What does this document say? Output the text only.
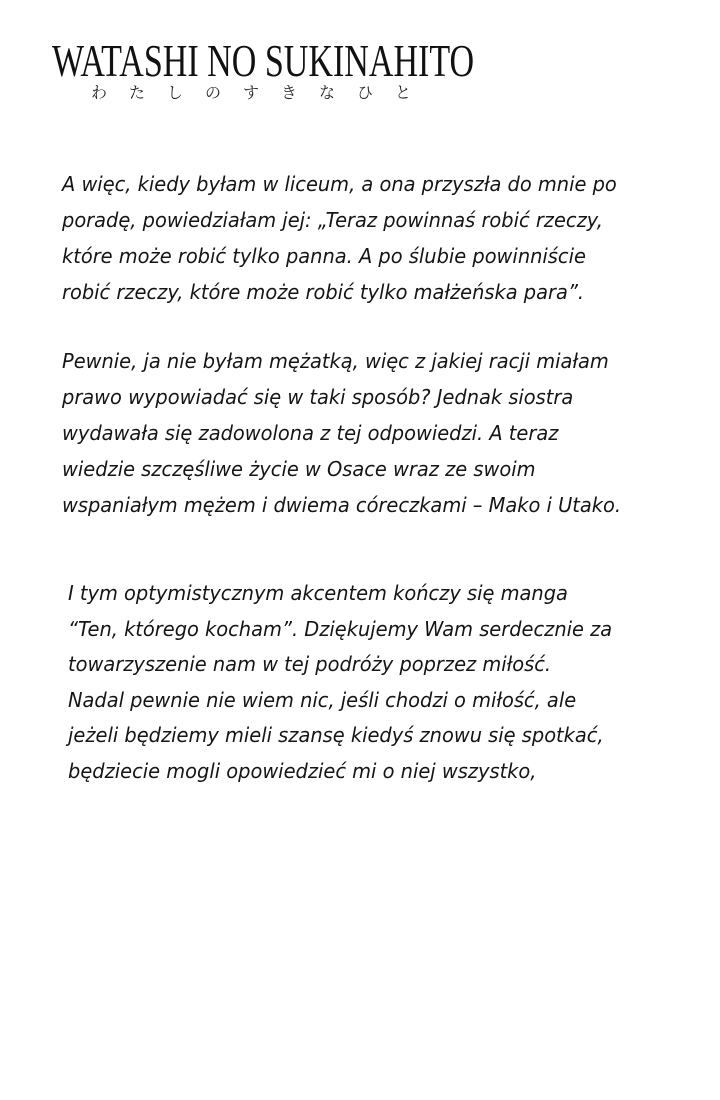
WATASHI NO SUKINAHITO
わ	た	し	の	す	き	な	ひ	と

A więc, kiedy byłam w liceum, a ona przyszła do mnie po
poradę, powiedziałam jej: „Teraz powinnaś robić rzeczy,
które może robić tylko panna. A po ślubie powinniście
robić rzeczy, które może robić tylko małżeńska para”.

Pewnie, ja nie byłam mężatką, więc z jakiej racji miałam
prawo wypowiadać się w taki sposób? Jednak siostra
wydawała się zadowolona z tej odpowiedzi. A teraz
wiedzie szczęśliwe życie w Osace wraz ze swoim
wspaniałym mężem i dwiema córeczkami – Mako i Utako.

I tym optymistycznym akcentem kończy się manga
“Ten, którego kocham”. Dziękujemy Wam serdecznie za
towarzyszenie nam w tej podróży poprzez miłość.
Nadal pewnie nie wiem nic, jeśli chodzi o miłość, ale
jeżeli będziemy mieli szansę kiedyś znowu się spotkać,
będziecie mogli opowiedzieć mi o niej wszystko,
